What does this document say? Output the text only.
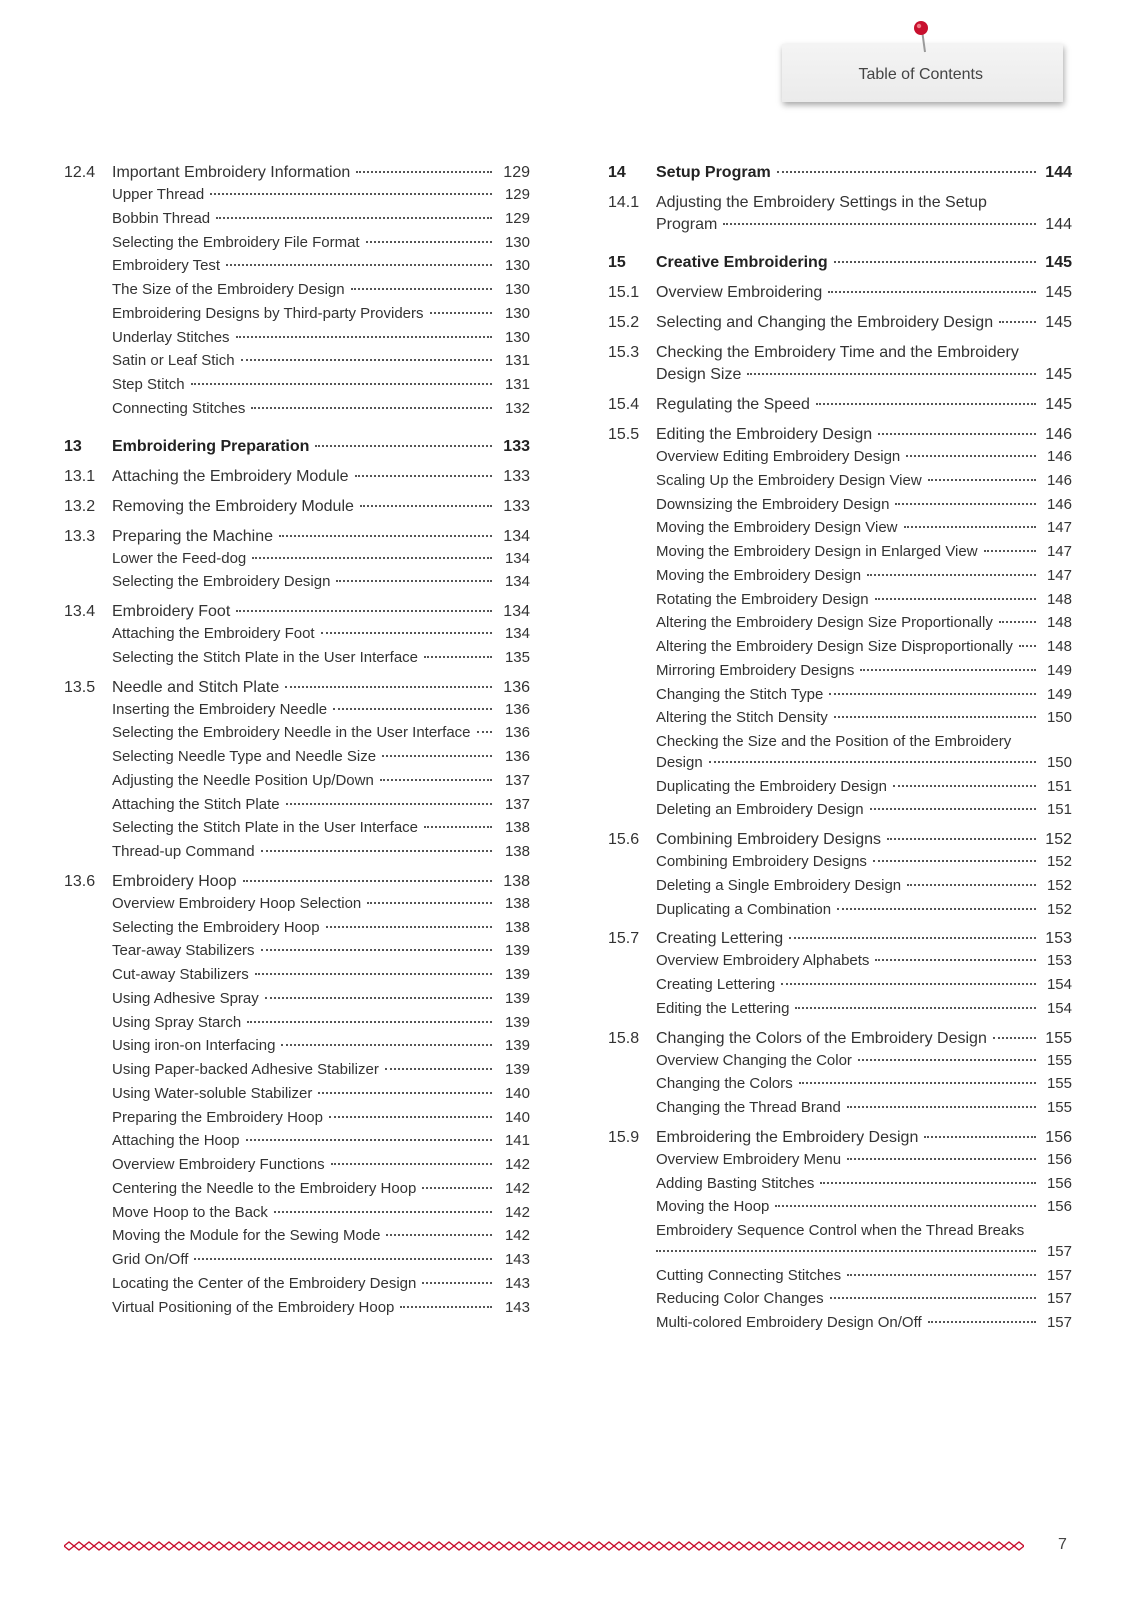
Table of Contents
12.4	Important Embroidery Information	129
Upper Thread	129
Bobbin Thread	129
Selecting the Embroidery File Format	130
Embroidery Test	130
The Size of the Embroidery Design	130
Embroidering Designs by Third-party Providers	130
Underlay Stitches	130
Satin or Leaf Stich	131
Step Stitch	131
Connecting Stitches	132
13	Embroidering Preparation	133
13.1	Attaching the Embroidery Module	133
13.2	Removing the Embroidery Module	133
13.3	Preparing the Machine	134
Lower the Feed-dog	134
Selecting the Embroidery Design	134
13.4	Embroidery Foot	134
Attaching the Embroidery Foot	134
Selecting the Stitch Plate in the User Interface	135
13.5	Needle and Stitch Plate	136
Inserting the Embroidery Needle	136
Selecting the Embroidery Needle in the User Interface	136
Selecting Needle Type and Needle Size	136
Adjusting the Needle Position Up/Down	137
Attaching the Stitch Plate	137
Selecting the Stitch Plate in the User Interface	138
Thread-up Command	138
13.6	Embroidery Hoop	138
Overview Embroidery Hoop Selection	138
Selecting the Embroidery Hoop	138
Tear-away Stabilizers	139
Cut-away Stabilizers	139
Using Adhesive Spray	139
Using Spray Starch	139
Using iron-on Interfacing	139
Using Paper-backed Adhesive Stabilizer	139
Using Water-soluble Stabilizer	140
Preparing the Embroidery Hoop	140
Attaching the Hoop	141
Overview Embroidery Functions	142
Centering the Needle to the Embroidery Hoop	142
Move Hoop to the Back	142
Moving the Module for the Sewing Mode	142
Grid On/Off	143
Locating the Center of the Embroidery Design	143
Virtual Positioning of the Embroidery Hoop	143
14	Setup Program	144
14.1	Adjusting the Embroidery Settings in the Setup
Program	144
15	Creative Embroidering	145
15.1	Overview Embroidering	145
15.2	Selecting and Changing the Embroidery Design	145
15.3	Checking the Embroidery Time and the Embroidery
Design Size	145
15.4	Regulating the Speed	145
15.5	Editing the Embroidery Design	146
Overview Editing Embroidery Design	146
Scaling Up the Embroidery Design View	146
Downsizing the Embroidery Design	146
Moving the Embroidery Design View	147
Moving the Embroidery Design in Enlarged View	147
Moving the Embroidery Design	147
Rotating the Embroidery Design	148
Altering the Embroidery Design Size Proportionally	148
Altering the Embroidery Design Size Disproportionally	148
Mirroring Embroidery Designs	149
Changing the Stitch Type	149
Altering the Stitch Density	150
Checking the Size and the Position of the Embroidery
Design	150
Duplicating the Embroidery Design	151
Deleting an Embroidery Design	151
15.6	Combining Embroidery Designs	152
Combining Embroidery Designs	152
Deleting a Single Embroidery Design	152
Duplicating a Combination	152
15.7	Creating Lettering	153
Overview Embroidery Alphabets	153
Creating Lettering	154
Editing the Lettering	154
15.8	Changing the Colors of the Embroidery Design	155
Overview Changing the Color	155
Changing the Colors	155
Changing the Thread Brand	155
15.9	Embroidering the Embroidery Design	156
Overview Embroidery Menu	156
Adding Basting Stitches	156
Moving the Hoop	156
Embroidery Sequence Control when the Thread Breaks
157
Cutting Connecting Stitches	157
Reducing Color Changes	157
Multi-colored Embroidery Design On/Off	157
7
